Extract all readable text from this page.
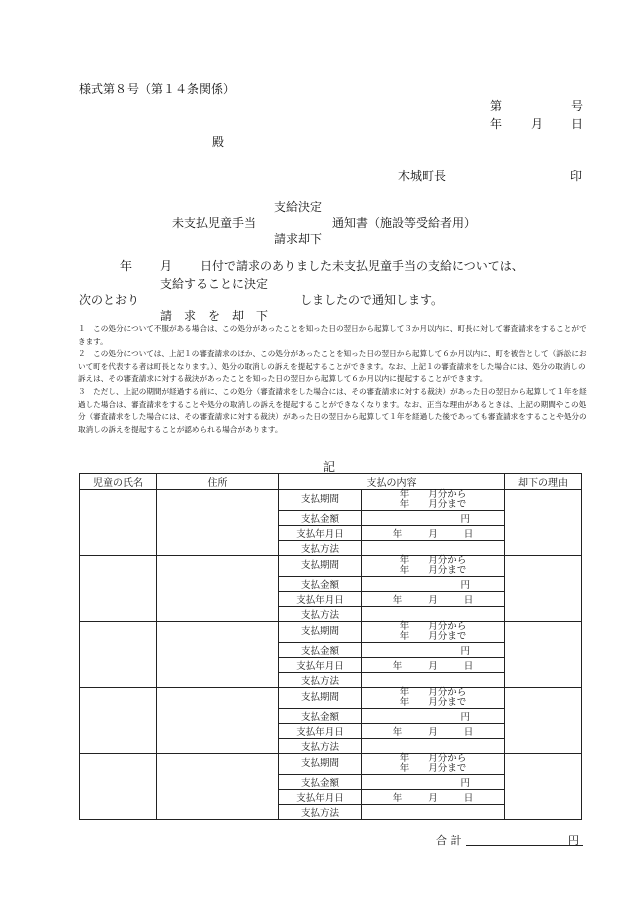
様式第８号（第１４条関係）
第	号
年 月 日
殿
木城町長	印
支給決定
未支払児童手当	通知書（施設等受給者用）
請求却下
年 月 日付で請求のありました未支払児童手当の支給については、
支給することに決定
次のとおり	しましたので通知します。
請　求　を　却　下

１　この処分について不服がある場合は、この処分があったことを知った日の翌日から起算して３か月以内に、町長に対して審査請求をすることができます。

２　この処分については、上記１の審査請求のほか、この処分があったことを知った日の翌日から起算して６か月以内に、町を被告として（訴訟において町を代表する者は町長となります。）、処分の取消しの訴えを提起することができます。なお、上記１の審査請求をした場合には、処分の取消しの訴えは、その審査請求に対する裁決があったことを知った日の翌日から起算して６か月以内に提起することができます。

３　ただし、上記の期間が経過する前に、この処分（審査請求をした場合には、その審査請求に対する裁決）があった日の翌日から起算して１年を経過した場合は、審査請求をすることや処分の取消しの訴えを提起することができなくなります。なお、正当な理由があるときは、上記の期間やこの処分（審査請求をした場合には、その審査請求に対する裁決）があった日の翌日から起算して１年を経過した後であっても審査請求をすることや処分の取消しの訴えを提起することが認められる場合があります。

記
児童の氏名	住所	支払の内容		却下の理由
		支払期間	年　　月分から
年　　月分まで	

		支払金額	円	
		支払年月日	年 月 日	
		支払方法		
		支払期間	年　　月分から
年　　月分まで	

		支払金額	円	
		支払年月日	年 月 日	
		支払方法		
		支払期間	年　　月分から
年　　月分まで	

		支払金額	円	
		支払年月日	年 月 日	
		支払方法		
		支払期間	年　　月分から
年　　月分まで	

		支払金額	円	
		支払年月日	年 月 日	
		支払方法		
		支払期間	年　　月分から
年　　月分まで	

		支払金額	円	
		支払年月日	年 月 日	
		支払方法		
合 計	円
